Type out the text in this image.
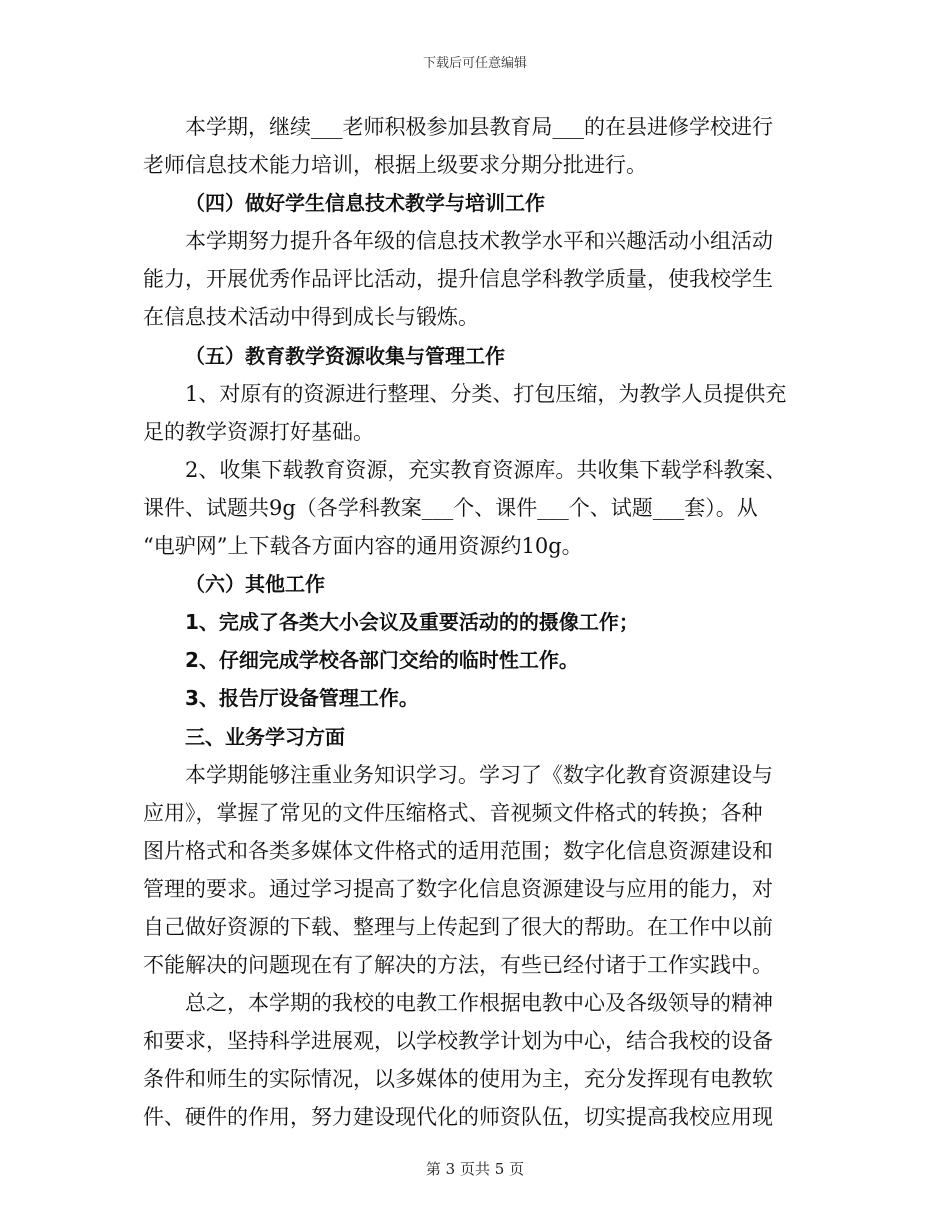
下载后可任意编辑
本学期，继续___老师积极参加县教育局___的在县进修学校进行
老师信息技术能力培训，根据上级要求分期分批进行。
（四）做好学生信息技术教学与培训工作
本学期努力提升各年级的信息技术教学水平和兴趣活动小组活动
能力，开展优秀作品评比活动，提升信息学科教学质量，使我校学生
在信息技术活动中得到成长与锻炼。
（五）教育教学资源收集与管理工作
1、对原有的资源进行整理、分类、打包压缩，为教学人员提供充
足的教学资源打好基础。
2、收集下载教育资源，充实教育资源库。共收集下载学科教案、
课件、试题共9g（各学科教案___个、课件___个、试题___套）。从
“电驴网”上下载各方面内容的通用资源约10g。
（六）其他工作
1、完成了各类大小会议及重要活动的的摄像工作；
2、仔细完成学校各部门交给的临时性工作。
3、报告厅设备管理工作。
三、业务学习方面
本学期能够注重业务知识学习。学习了《数字化教育资源建设与
应用》，掌握了常见的文件压缩格式、音视频文件格式的转换；各种
图片格式和各类多媒体文件格式的适用范围；数字化信息资源建设和
管理的要求。通过学习提高了数字化信息资源建设与应用的能力，对
自己做好资源的下载、整理与上传起到了很大的帮助。在工作中以前
不能解决的问题现在有了解决的方法，有些已经付诸于工作实践中。
总之，本学期的我校的电教工作根据电教中心及各级领导的精神
和要求，坚持科学进展观，以学校教学计划为中心，结合我校的设备
条件和师生的实际情况，以多媒体的使用为主，充分发挥现有电教软
件、硬件的作用，努力建设现代化的师资队伍，切实提高我校应用现
第 3 页共 5 页
